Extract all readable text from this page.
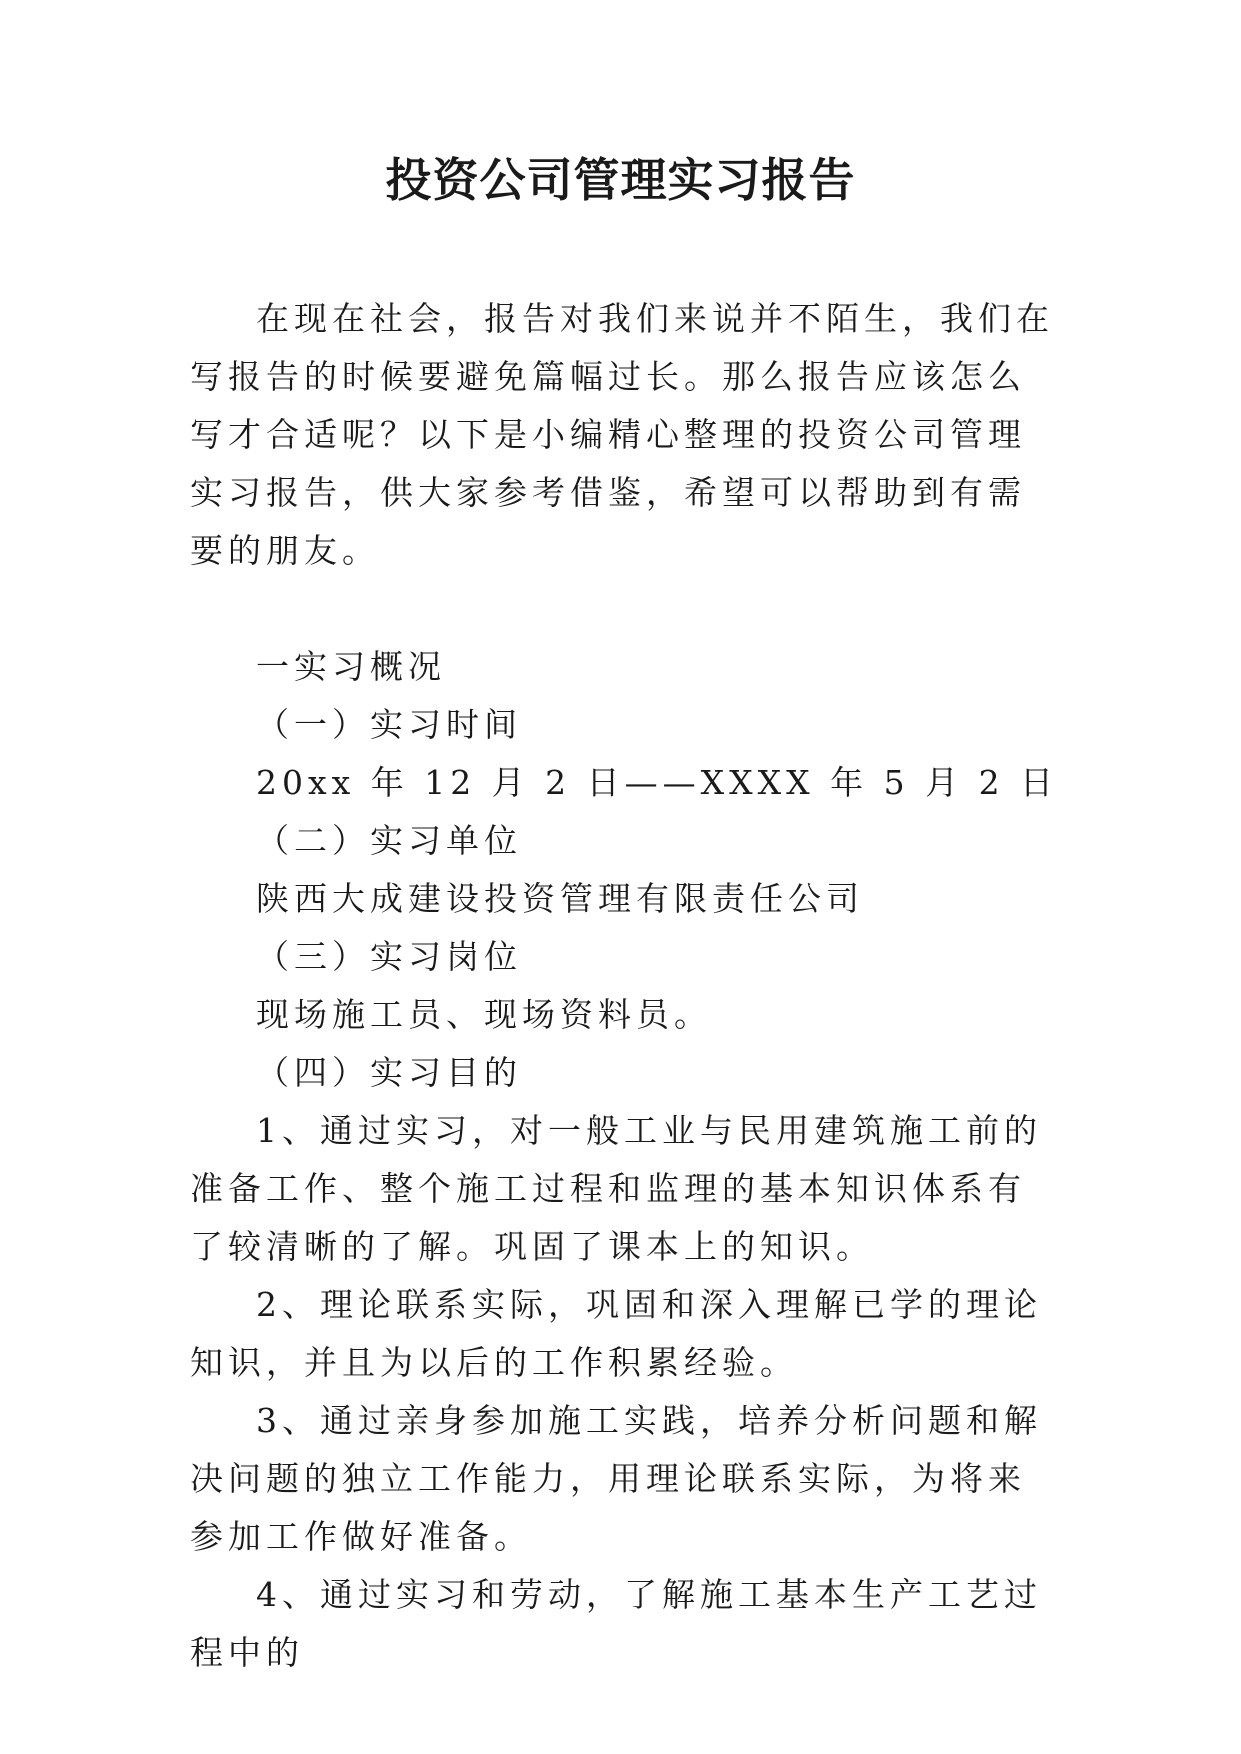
投资公司管理实习报告

在现在社会，报告对我们来说并不陌生，我们在写报告的时候要避免篇幅过长。那么报告应该怎么写才合适呢？以下是小编精心整理的投资公司管理实习报告，供大家参考借鉴，希望可以帮助到有需要的朋友。

一实习概况

（一）实习时间

20xx 年 12 月 2 日——XXXX 年 5 月 2 日

（二）实习单位

陕西大成建设投资管理有限责任公司

（三）实习岗位

现场施工员、现场资料员。

（四）实习目的

1、通过实习，对一般工业与民用建筑施工前的准备工作、整个施工过程和监理的基本知识体系有了较清晰的了解。巩固了课本上的知识。

2、理论联系实际，巩固和深入理解已学的理论知识，并且为以后的工作积累经验。

3、通过亲身参加施工实践，培养分析问题和解决问题的独立工作能力，用理论联系实际，为将来参加工作做好准备。

4、通过实习和劳动，了解施工基本生产工艺过程中的
